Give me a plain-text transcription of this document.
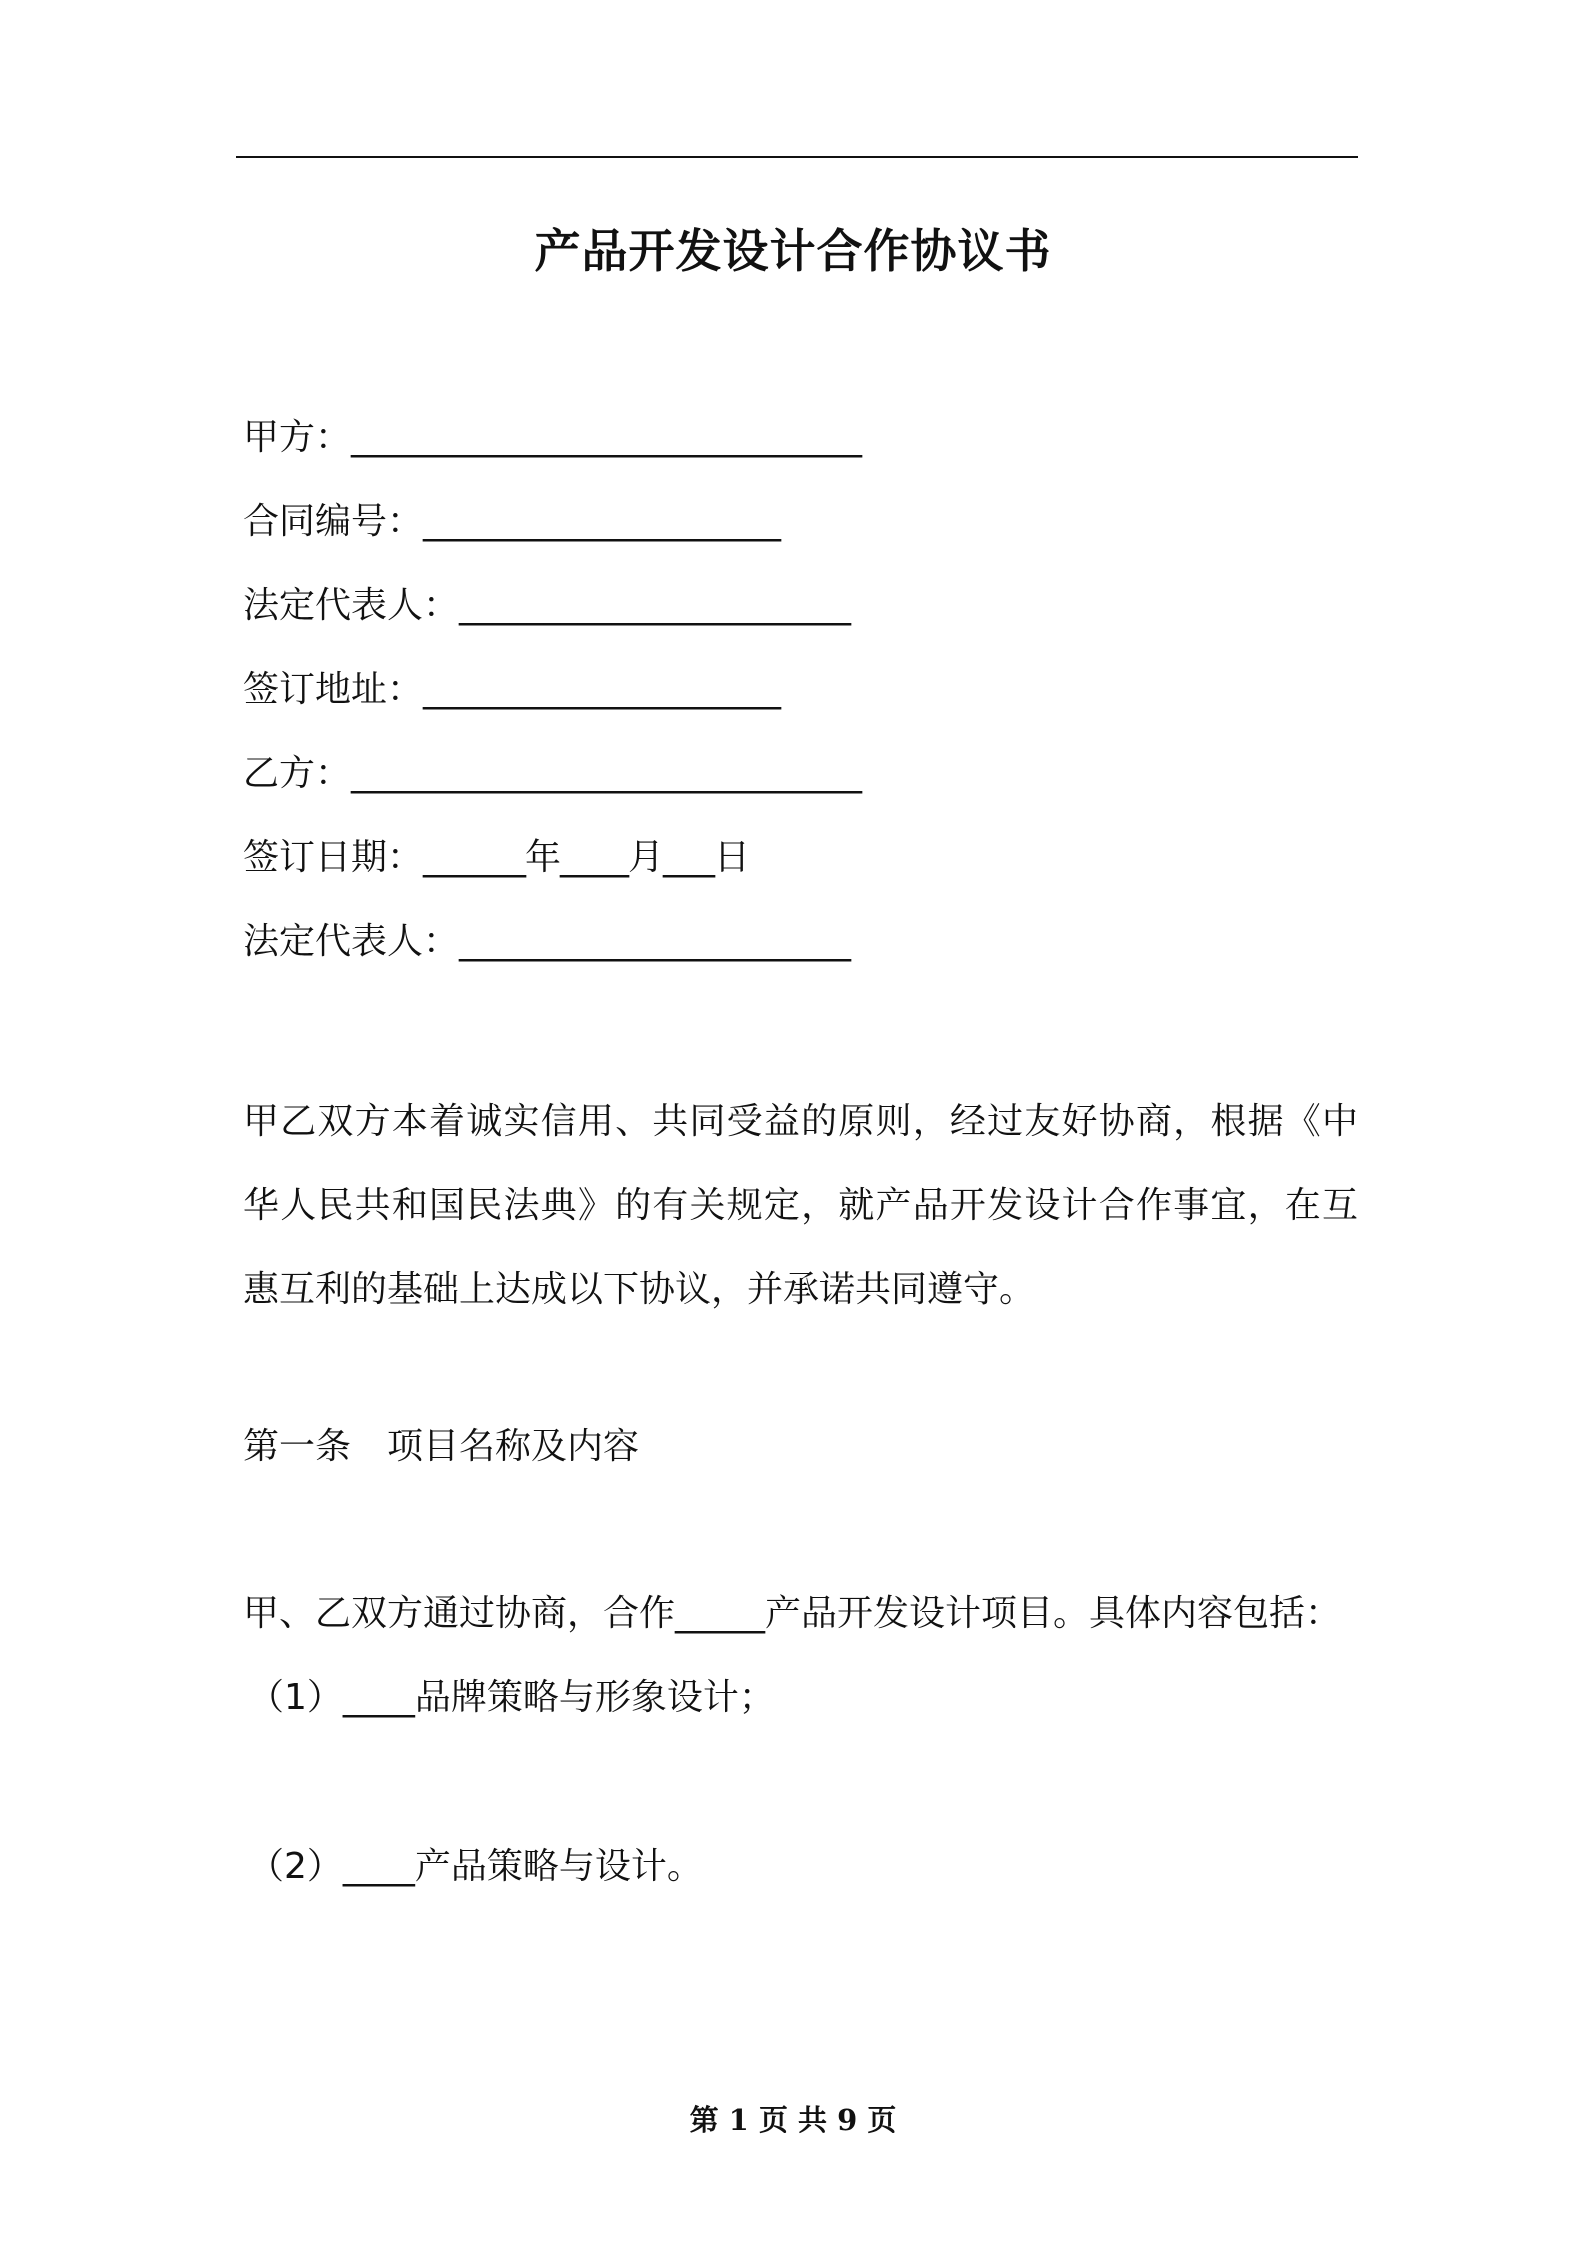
产品开发设计合作协议书
甲方：______________________________
合同编号：_____________________
法定代表人：_______________________
签订地址：_____________________
乙方：______________________________
签订日期：______年____月___日
法定代表人：_______________________
甲乙双方本着诚实信用、共同受益的原则，经过友好协商，根据《中华人民共和国民法典》的有关规定，就产品开发设计合作事宜，在互惠互利的基础上达成以下协议，并承诺共同遵守。
第一条　项目名称及内容
甲、乙双方通过协商，合作_____产品开发设计项目。具体内容包括：
（1）____品牌策略与形象设计；
（2）____产品策略与设计。
第 1 页 共 9 页
